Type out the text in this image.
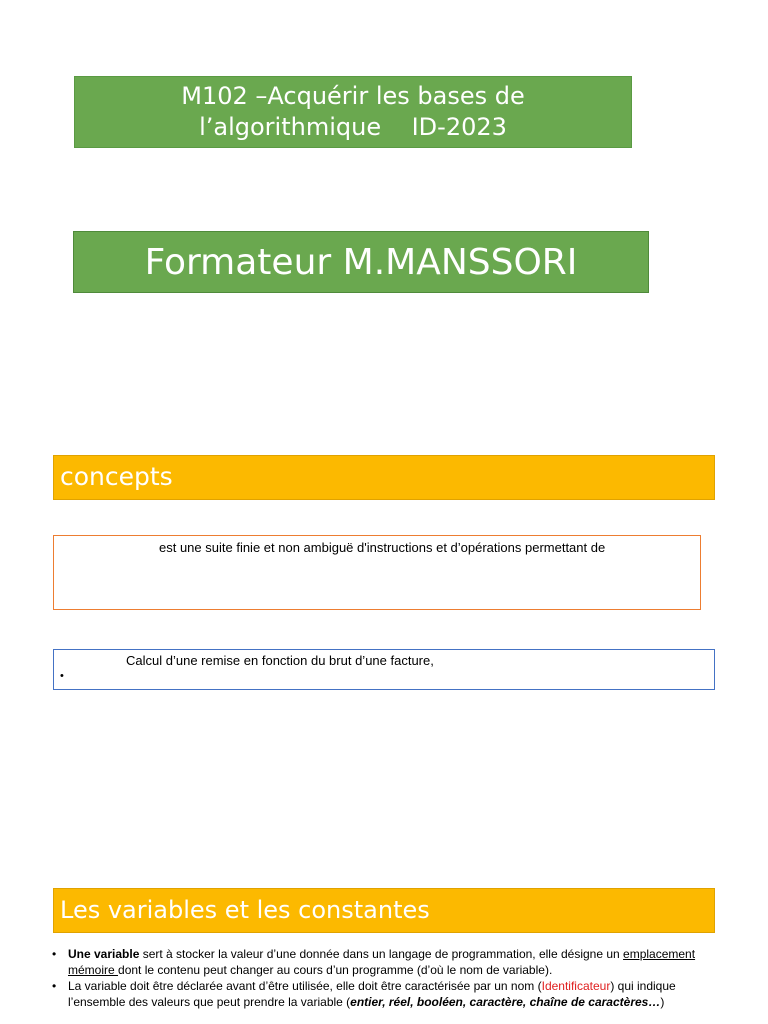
M102 –Acquérir les bases de
l’algorithmique    ID-2023
Formateur M.MANSSORI
concepts
est une suite finie et non ambiguë d'instructions et d’opérations permettant de
Calcul d’une remise en fonction du brut d’une facture,
•
Les variables et les constantes
• Une variable sert à stocker la valeur d’une donnée dans un langage de programmation, elle désigne un emplacement mémoire dont le contenu peut changer au cours d’un programme (d’où le nom de variable).
• La variable doit être déclarée avant d’être utilisée, elle doit être caractérisée par un nom (Identificateur) qui indique l’ensemble des valeurs que peut prendre la variable (entier, réel, booléen, caractère, chaîne de caractères…)
